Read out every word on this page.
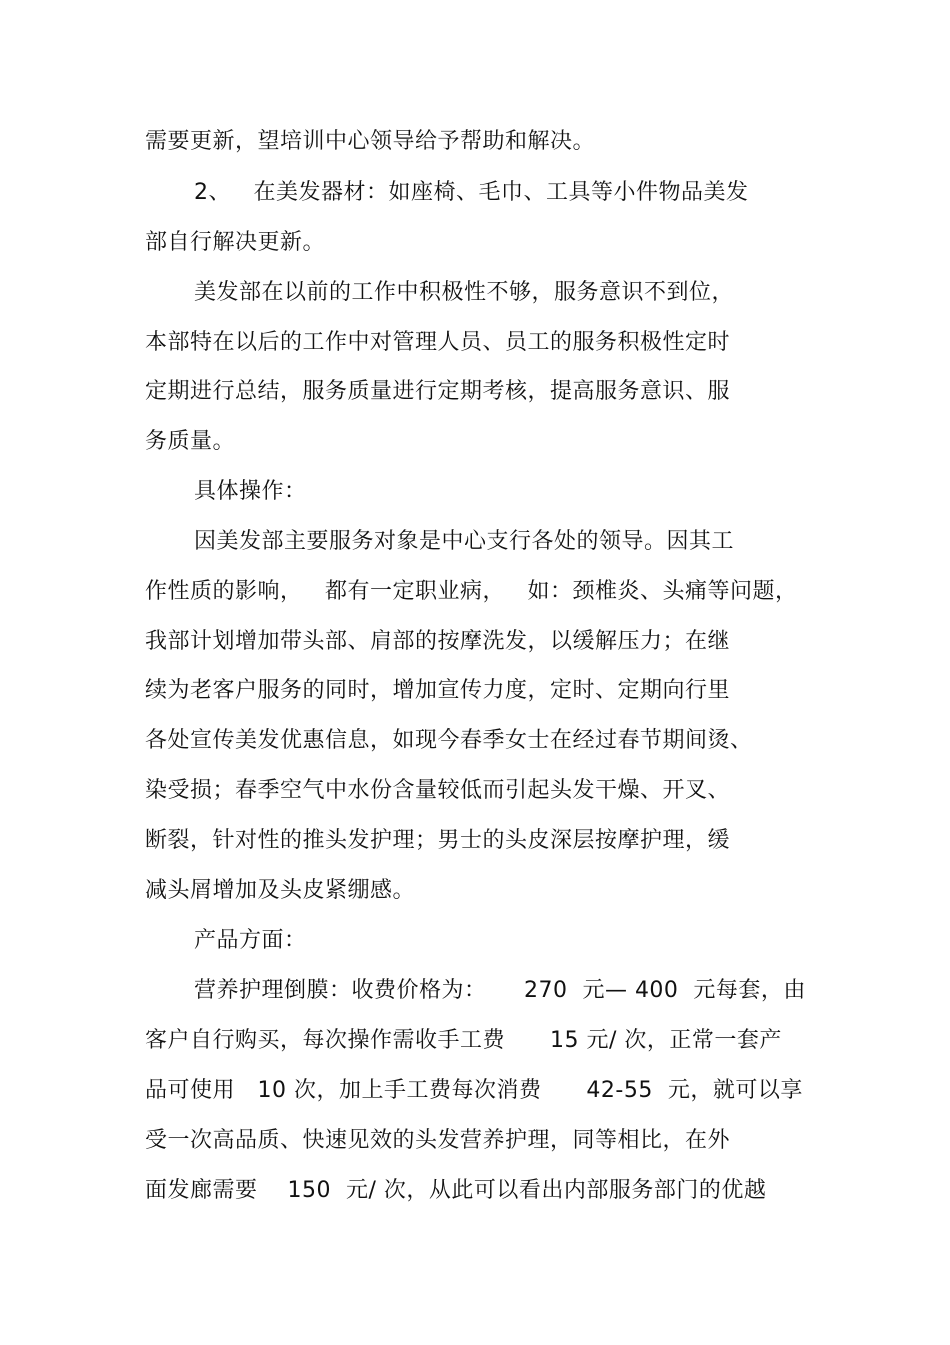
需要更新，望培训中心领导给予帮助和解决。
2、   在美发器材：如座椅、毛巾、工具等小件物品美发
部自行解决更新。
美发部在以前的工作中积极性不够，服务意识不到位，
本部特在以后的工作中对管理人员、员工的服务积极性定时
定期进行总结，服务质量进行定期考核，提高服务意识、服
务质量。
具体操作：
因美发部主要服务对象是中心支行各处的领导。因其工
作性质的影响，   都有一定职业病，   如：颈椎炎、头痛等问题，
我部计划增加带头部、肩部的按摩洗发，以缓解压力；在继
续为老客户服务的同时，增加宣传力度，定时、定期向行里
各处宣传美发优惠信息，如现今春季女士在经过春节期间烫、
染受损；春季空气中水份含量较低而引起头发干燥、开叉、
断裂，针对性的推头发护理；男士的头皮深层按摩护理，缓
减头屑增加及头皮紧绷感。
产品方面：
营养护理倒膜：收费价格为：     270  元— 400  元每套，由
客户自行购买，每次操作需收手工费      15 元/ 次，正常一套产
品可使用   10 次，加上手工费每次消费      42-55  元，就可以享
受一次高品质、快速见效的头发营养护理，同等相比，在外
面发廊需要    150  元/ 次，从此可以看出内部服务部门的优越
